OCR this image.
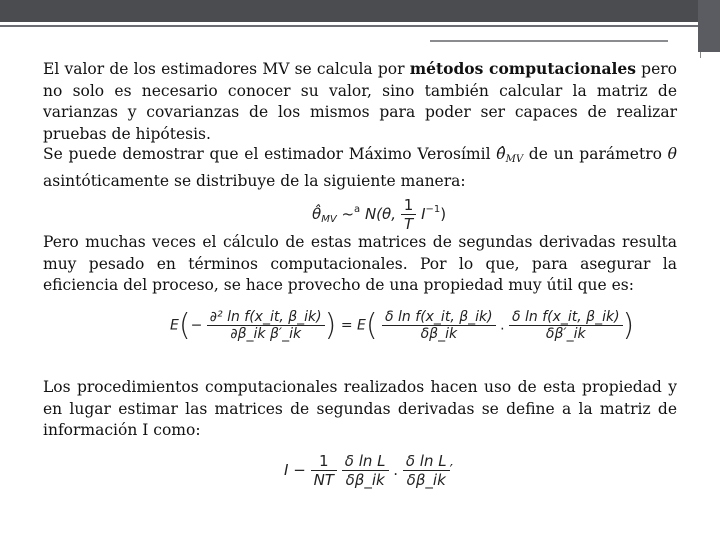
El valor de los estimadores MV se calcula por métodos computacionales pero no solo es necesario conocer su valor, sino también calcular la matriz de varianzas y covarianzas de los mismos para poder ser capaces de realizar pruebas de hipótesis.

Se puede demostrar que el estimador Máximo Verosímil $\thetâ_{MV}$ de un parámetro θ asintóticamente se distribuye de la siguiente manera:

$\thetâ_{MV}$ ~$^a$ N(θ, $\frac{1}{T} I^{-1}$)

Pero muchas veces el cálculo de estas matrices de segundas derivadas resulta muy pesado en términos computacionales. Por lo que, para asegurar la eficiencia del proceso, se hace provecho de una propiedad muy útil que es:

$E(- \frac{\text{∂² ln f(x\_it, β\_ik)}}{\text{∂β\_ik β′\_ik}}$ ) = $E( \frac{\text{δ ln f(x\_it, β\_ik)}}{\delta\beta\_ik}$ . $\frac{\text{δ ln f(x\_it, β\_ik)}}{\delta\beta'\_ik}$ )

Los procedimientos computacionales realizados hacen uso de esta propiedad y en lugar estimar las matrices de segundas derivadas se define a la matriz de información I como:

$I - \frac{1}{NT}$
$\frac{\text{δ ln L}}{\delta\beta\_ik}$ . $\frac{\text{δ ln L}}{\delta\beta\_ik}$ ′
